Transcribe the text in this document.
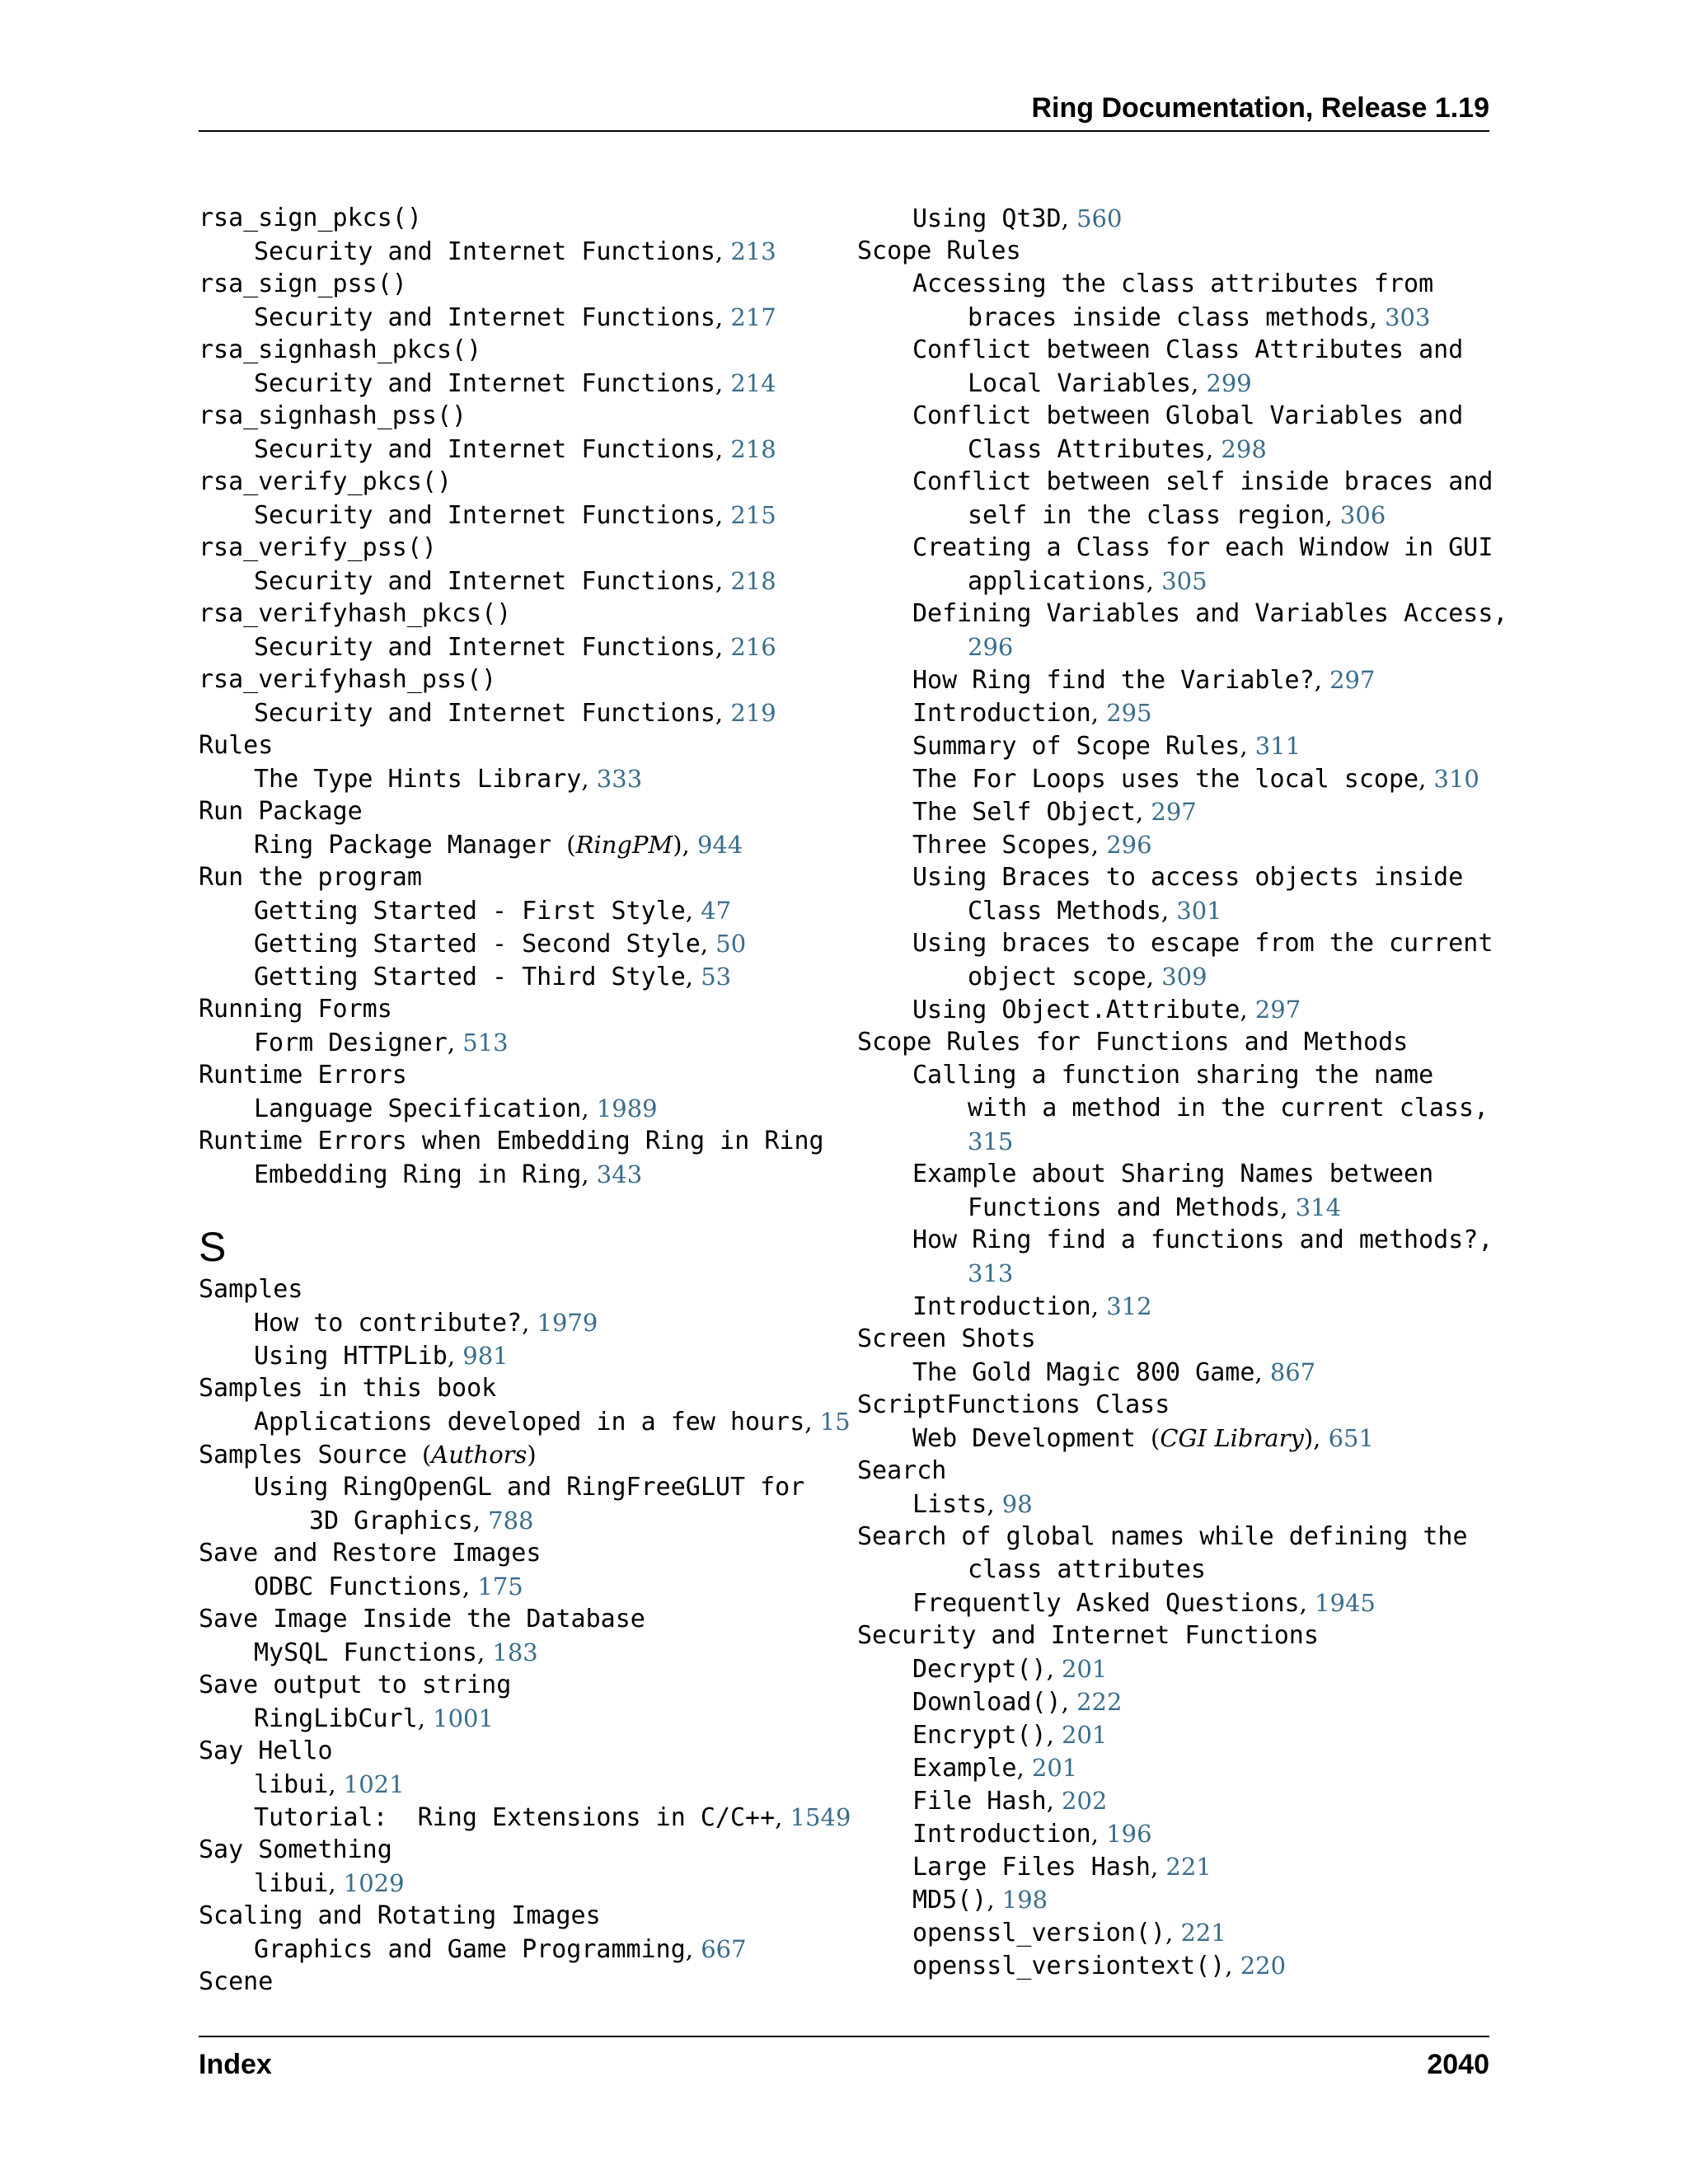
Ring Documentation, Release 1.19
rsa_sign_pkcs()
Security and Internet Functions, 213
rsa_sign_pss()
Security and Internet Functions, 217
rsa_signhash_pkcs()
Security and Internet Functions, 214
rsa_signhash_pss()
Security and Internet Functions, 218
rsa_verify_pkcs()
Security and Internet Functions, 215
rsa_verify_pss()
Security and Internet Functions, 218
rsa_verifyhash_pkcs()
Security and Internet Functions, 216
rsa_verifyhash_pss()
Security and Internet Functions, 219
Rules
The Type Hints Library, 333
Run Package
Ring Package Manager (RingPM), 944
Run the program
Getting Started - First Style, 47
Getting Started - Second Style, 50
Getting Started - Third Style, 53
Running Forms
Form Designer, 513
Runtime Errors
Language Specification, 1989
Runtime Errors when Embedding Ring in Ring
Embedding Ring in Ring, 343
S
Samples
How to contribute?, 1979
Using HTTPLib, 981
Samples in this book
Applications developed in a few hours, 15
Samples Source (Authors)
Using RingOpenGL and RingFreeGLUT for
3D Graphics, 788
Save and Restore Images
ODBC Functions, 175
Save Image Inside the Database
MySQL Functions, 183
Save output to string
RingLibCurl, 1001
Say Hello
libui, 1021
Tutorial:  Ring Extensions in C/C++, 1549
Say Something
libui, 1029
Scaling and Rotating Images
Graphics and Game Programming, 667
Scene
Using Qt3D, 560
Scope Rules
Accessing the class attributes from
braces inside class methods, 303
Conflict between Class Attributes and
Local Variables, 299
Conflict between Global Variables and
Class Attributes, 298
Conflict between self inside braces and
self in the class region, 306
Creating a Class for each Window in GUI
applications, 305
Defining Variables and Variables Access,
296
How Ring find the Variable?, 297
Introduction, 295
Summary of Scope Rules, 311
The For Loops uses the local scope, 310
The Self Object, 297
Three Scopes, 296
Using Braces to access objects inside
Class Methods, 301
Using braces to escape from the current
object scope, 309
Using Object.Attribute, 297
Scope Rules for Functions and Methods
Calling a function sharing the name
with a method in the current class,
315
Example about Sharing Names between
Functions and Methods, 314
How Ring find a functions and methods?,
313
Introduction, 312
Screen Shots
The Gold Magic 800 Game, 867
ScriptFunctions Class
Web Development (CGI Library), 651
Search
Lists, 98
Search of global names while defining the
class attributes
Frequently Asked Questions, 1945
Security and Internet Functions
Decrypt(), 201
Download(), 222
Encrypt(), 201
Example, 201
File Hash, 202
Introduction, 196
Large Files Hash, 221
MD5(), 198
openssl_version(), 221
openssl_versiontext(), 220
Index	2040
